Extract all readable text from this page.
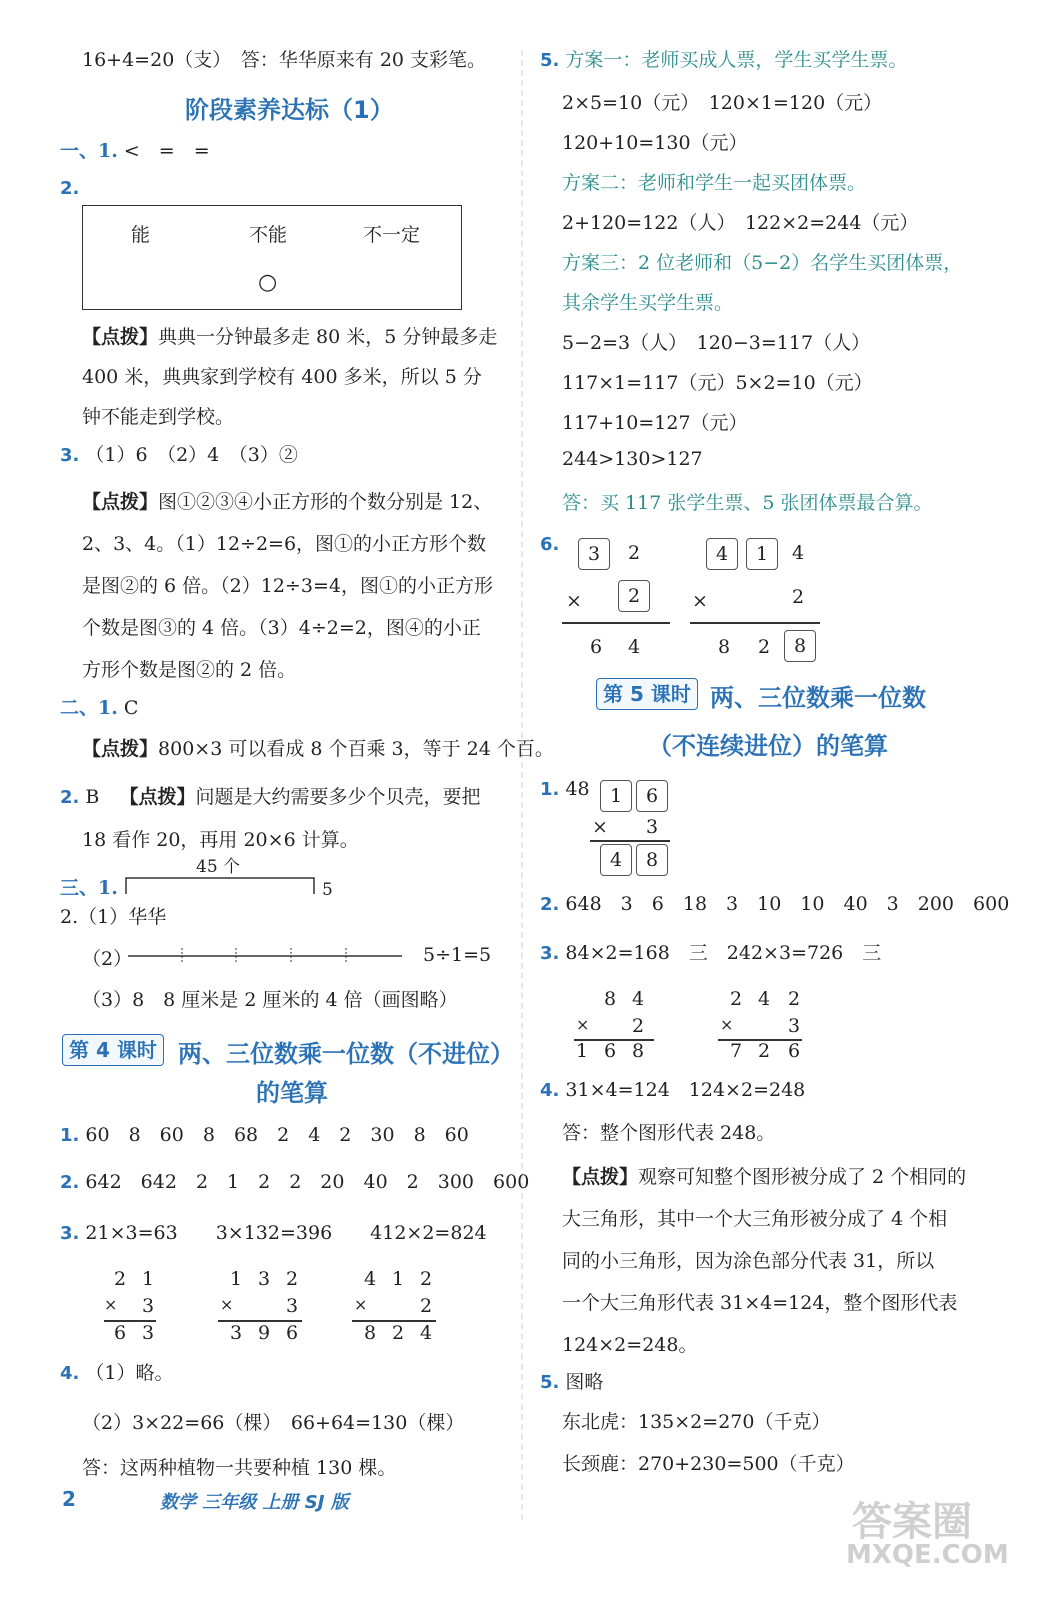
16+4=20（支）　答：华华原来有 20 支彩笔。
阶段素养达标（1）
一、1. <　=　=
2.
能	不能	不一定
○
【点拨】典典一分钟最多走 80 米，5 分钟最多走
400 米，典典家到学校有 400 多米，所以 5 分
钟不能走到学校。
3. （1）6　（2）4　（3）②
【点拨】图①②③④小正方形的个数分别是 12、
2、3、4。（1）12÷2=6，图①的小正方形个数
是图②的 6 倍。（2）12÷3=4，图①的小正方形
个数是图③的 4 倍。（3）4÷2=2，图④的小正
方形个数是图②的 2 倍。
二、1. C
【点拨】800×3 可以看成 8 个百乘 3，等于 24 个百。
2. B 【点拨】问题是大约需要多少个贝壳，要把
18 看作 20，再用 20×6 计算。
三、1.
45 个
5
2.（1）华华
（2）	5÷1=5
（3）8　8 厘米是 2 厘米的 4 倍（画图略）
第 4 课时 两、三位数乘一位数（不进位）
的笔算
1. 60　8　60　8　68　2　4　2　30　8　60
2. 642　642　2　1　2　2　20　40　2　300　600
3. 21×3=63　　3×132=396　　412×2=824
2 1
× 3
6 3
1 3 2
×	3
3 9 6
4 1 2
×	2
8 2 4
4. （1）略。
（2）3×22=66（棵）　66+64=130（棵）
答：这两种植物一共要种植 130 棵。
2	数学 三年级 上册 SJ 版
5. 方案一：老师买成人票，学生买学生票。
2×5=10（元）　120×1=120（元）
120+10=130（元）
方案二：老师和学生一起买团体票。
2+120=122（人）　122×2=244（元）
方案三：2 位老师和（5−2）名学生买团体票，
其余学生买学生票。
5−2=3（人）　120−3=117（人）
117×1=117（元）5×2=10（元）
117+10=127（元）
244>130>127
答：买 117 张学生票、5 张团体票最合算。
6.	3	2
×	2
6 4
4	1	4
×	2
8 2	8
第 5 课时 两、三位数乘一位数
（不连续进位）的笔算
1. 48	1	6
× 3
4	8
2. 648　3　6　18　3　10　10　40　3　200　600
3. 84×2=168　三　242×3=726　三
8 4
× 2
1 6 8
2 4 2
×	3
7 2 6
4. 31×4=124　124×2=248
答：整个图形代表 248。
【点拨】观察可知整个图形被分成了 2 个相同的
大三角形，其中一个大三角形被分成了 4 个相
同的小三角形，因为涂色部分代表 31，所以
一个大三角形代表 31×4=124，整个图形代表
124×2=248。
5. 图略
东北虎：135×2=270（千克）
长颈鹿：270+230=500（千克）
答案圈
MXQE.COM
